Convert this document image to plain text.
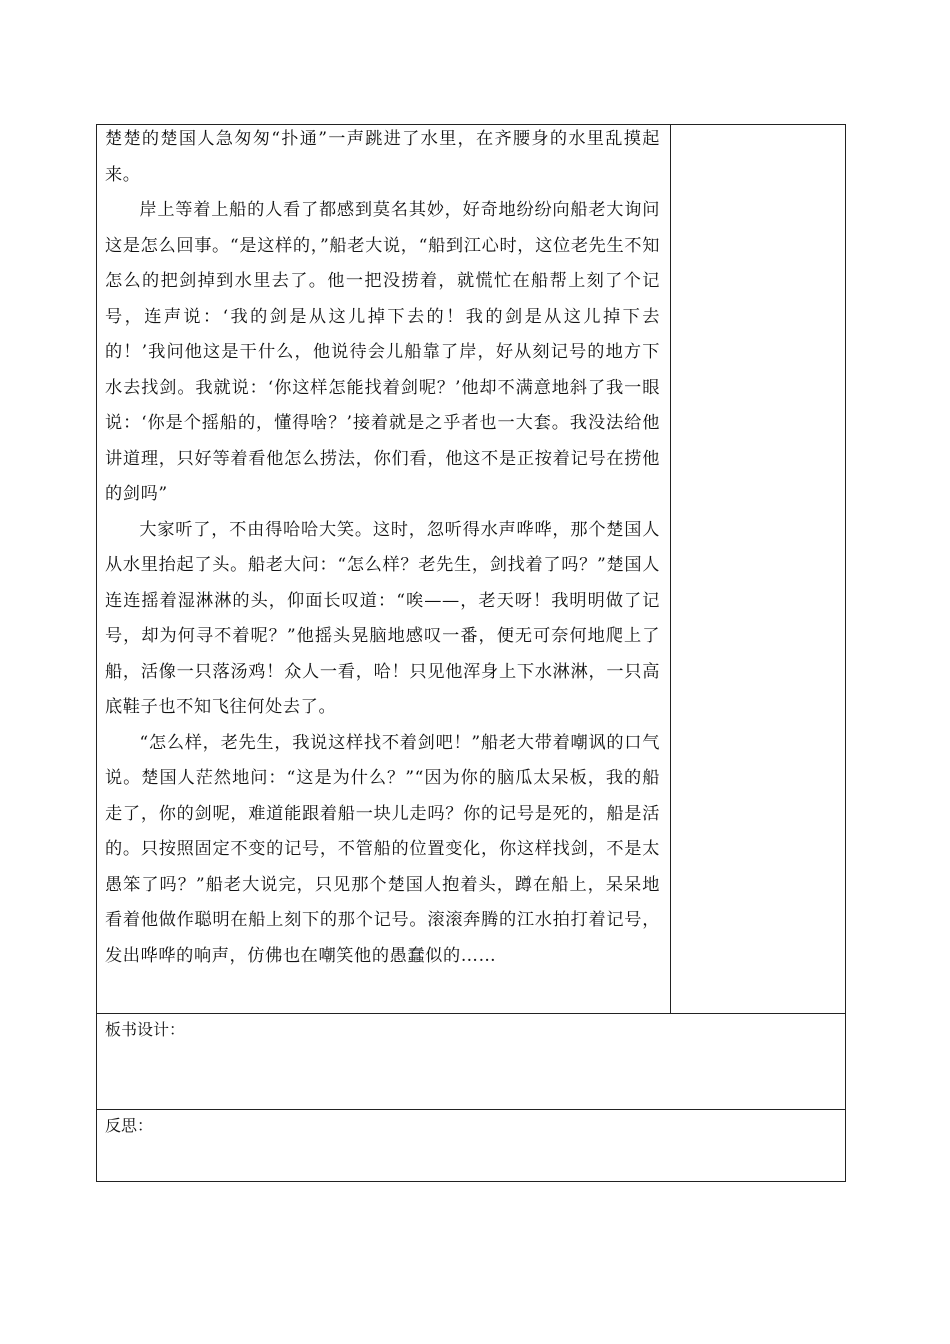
楚楚的楚国人急匆匆“扑通”一声跳进了水里，在齐腰身的水里乱摸起来。

岸上等着上船的人看了都感到莫名其妙，好奇地纷纷向船老大询问这是怎么回事。“是这样的，”船老大说，“船到江心时，这位老先生不知怎么的把剑掉到水里去了。他一把没捞着，就慌忙在船帮上刻了个记号，连声说：‘我的剑是从这儿掉下去的！我的剑是从这儿掉下去的！’我问他这是干什么，他说待会儿船靠了岸，好从刻记号的地方下水去找剑。我就说：‘你这样怎能找着剑呢？’他却不满意地斜了我一眼说：‘你是个摇船的，懂得啥？’接着就是之乎者也一大套。我没法给他讲道理，只好等着看他怎么捞法，你们看，他这不是正按着记号在捞他的剑吗”

大家听了，不由得哈哈大笑。这时，忽听得水声哗哗，那个楚国人从水里抬起了头。船老大问：“怎么样？老先生，剑找着了吗？”楚国人连连摇着湿淋淋的头，仰面长叹道：“唉——，老天呀！我明明做了记号，却为何寻不着呢？”他摇头晃脑地感叹一番，便无可奈何地爬上了船，活像一只落汤鸡！众人一看，哈！只见他浑身上下水淋淋，一只高底鞋子也不知飞往何处去了。

“怎么样，老先生，我说这样找不着剑吧！”船老大带着嘲讽的口气说。楚国人茫然地问：“这是为什么？”“因为你的脑瓜太呆板，我的船走了，你的剑呢，难道能跟着船一块儿走吗？你的记号是死的，船是活的。只按照固定不变的记号，不管船的位置变化，你这样找剑，不是太愚笨了吗？”船老大说完，只见那个楚国人抱着头，蹲在船上，呆呆地看着他做作聪明在船上刻下的那个记号。滚滚奔腾的江水拍打着记号，发出哗哗的响声，仿佛也在嘲笑他的愚蠢似的……

板书设计：
反思：
